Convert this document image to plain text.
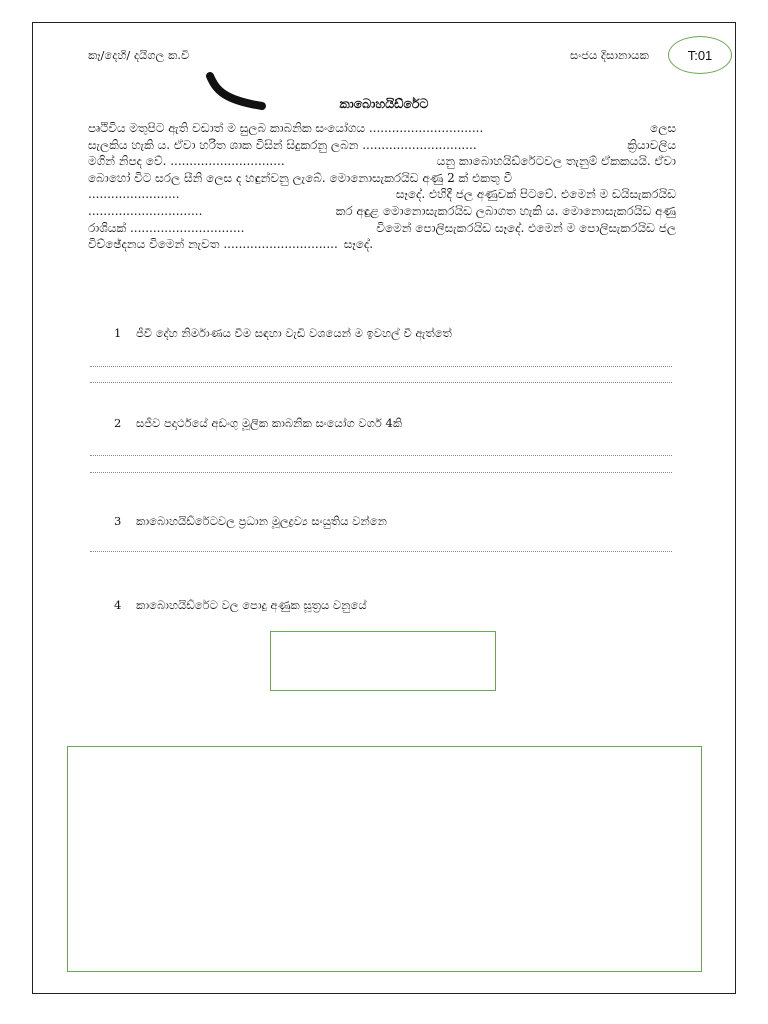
කෑ/දෙහි/ දයිගල ක.වි	සංජය දිසානායක	T:01
කාබොහයිඩ්රේට
පෘථිවිය මතුපිට ඇති වඩාත් ම සුලබ කාබනික සංයෝගය ..............................	ලෙස
සැලකිය හැකි ය. ඒවා හරිත ශාක විසින් සිදුකරනු ලබන ..............................	ක්‍රියාවලිය
මගින් නිපද වේ. ..............................	යනු කාබොහයිඩ්රේටවල තැනුම් ඒකකයයි. ඒවා
බොහෝ විට සරල සීනි ලෙස ද හඳුන්වනු ලැබේ. මොනොසැකරයිඩ අණු 2 ක් එකතු වී
........................	සෑදේ. එහිදී ජල අණුවක් පිටවේ. එමෙන් ම ඩයිසැකරයිඩ
..............................	කර අඳුළ මොනොසැකරයිඩ ලබාගත හැකි ය. මොනොසැකරයිඩ අණු
රාශියක් ..............................	විමෙන් පොලිසැකරයිඩ සෑදේ. එමෙන් ම පොලිසැකරයිඩ ජල
විච්ඡේදනය විමෙන් නැවත .............................. සෑදේ.
1 ජීවී දේහ නිර්මාණය වීම සඳහා වැඩි වශයෙන් ම ඉවහල් වී ඇත්තේ
2 සජීව පදාර්ථයේ අඩංගු මූලික කාබනික සංයෝග වර්ග 4කි
3 කාබොහයිඩ්රේටවල ප්‍රධාන මූලද්‍රව්‍ය සංයුතිය වන්නෙ
4 කාබොහයිඩ්රේට වල පොදු අණුක සූත්‍රය වනුයේ
